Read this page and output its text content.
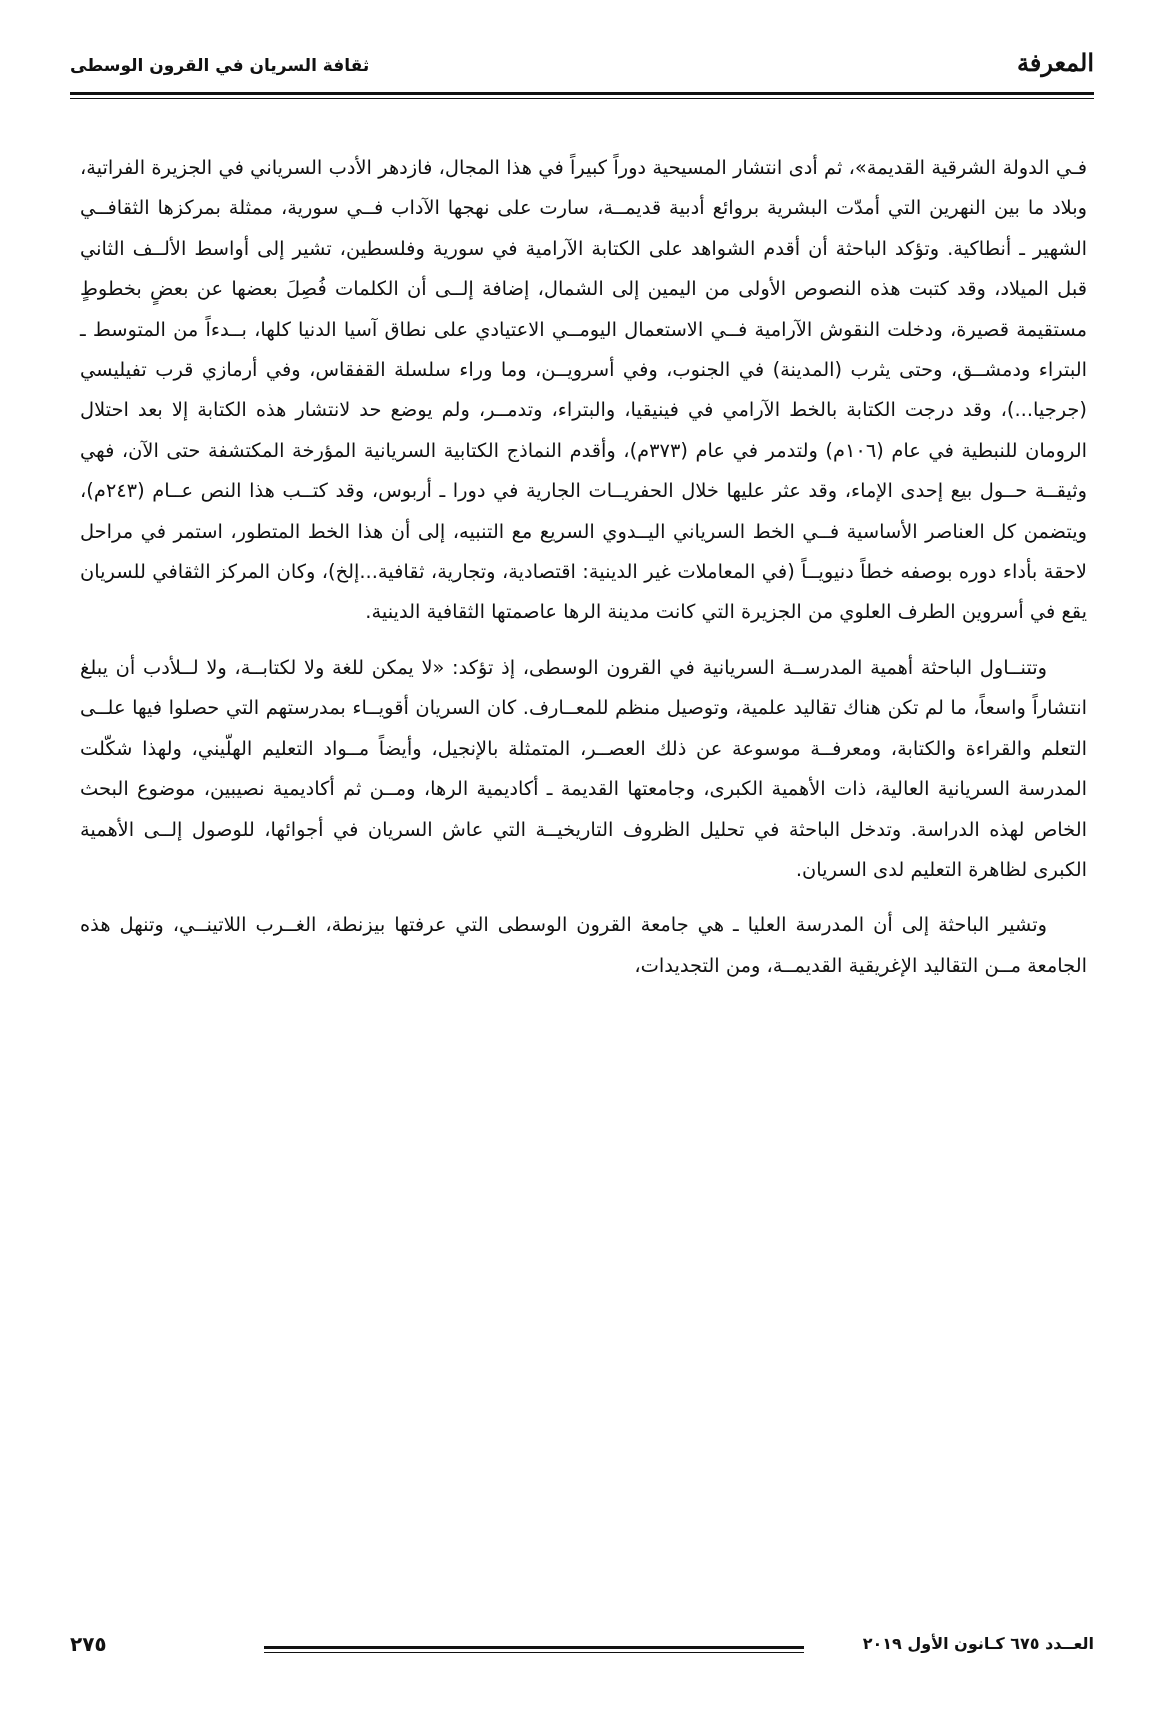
المعرفة
ثقافة السريان في القرون الوسطى

فـي الدولة الشرقية القديمة»، ثم أدى انتشار المسيحية دوراً كبيراً في هذا المجال، فازدهر الأدب السرياني في الجزيرة الفراتية، وبلاد ما بين النهرين التي أمدّت البشرية بروائع أدبية قديمــة، سارت على نهجها الآداب فــي سورية، ممثلة بمركزها الثقافــي الشهير ـ أنطاكية. وتؤكد الباحثة أن أقدم الشواهد على الكتابة الآرامية في سورية وفلسطين، تشير إلى أواسط الألــف الثاني قبل الميلاد، وقد كتبت هذه النصوص الأولى من اليمين إلى الشمال، إضافة إلــى أن الكلمات فُصِلَ بعضها عن بعضٍ بخطوطٍ مستقيمة قصيرة، ودخلت النقوش الآرامية فــي الاستعمال اليومــي الاعتيادي على نطاق آسيا الدنيا كلها، بــدءاً من المتوسط ـ البتراء ودمشــق، وحتى يثرب (المدينة) في الجنوب، وفي أسرويــن، وما وراء سلسلة القفقاس، وفي أرمازي قرب تفيليسي (جرجيا...)، وقد درجت الكتابة بالخط الآرامي في فينيقيا، والبتراء، وتدمــر، ولم يوضع حد لانتشار هذه الكتابة إلا بعد احتلال الرومان للنبطية في عام (١٠٦م) ولتدمر في عام (٣٧٣م)، وأقدم النماذج الكتابية السريانية المؤرخة المكتشفة حتى الآن، فهي وثيقــة حــول بيع إحدى الإماء، وقد عثر عليها خلال الحفريــات الجارية في دورا ـ أربوس، وقد كتــب هذا النص عــام (٢٤٣م)، ويتضمن كل العناصر الأساسية فــي الخط السرياني اليــدوي السريع مع التنبيه، إلى أن هذا الخط المتطور، استمر في مراحل لاحقة بأداء دوره بوصفه خطاً دنيويــاً (في المعاملات غير الدينية: اقتصادية، وتجارية، ثقافية...إلخ)، وكان المركز الثقافي للسريان يقع في أسروين الطرف العلوي من الجزيرة التي كانت مدينة الرها عاصمتها الثقافية الدينية.

وتتنــاول الباحثة أهمية المدرســة السريانية في القرون الوسطى، إذ تؤكد: «لا يمكن للغة ولا لكتابــة، ولا لــلأدب أن يبلغ انتشاراً واسعاً، ما لم تكن هناك تقاليد علمية، وتوصيل منظم للمعــارف. كان السريان أقويــاء بمدرستهم التي حصلوا فيها علــى التعلم والقراءة والكتابة، ومعرفــة موسوعة عن ذلك العصــر، المتمثلة بالإنجيل، وأيضاً مــواد التعليم الهلّيني، ولهذا شكّلت المدرسة السريانية العالية، ذات الأهمية الكبرى، وجامعتها القديمة ـ أكاديمية الرها، ومــن ثم أكاديمية نصيبين، موضوع البحث الخاص لهذه الدراسة. وتدخل الباحثة في تحليل الظروف التاريخيــة التي عاش السريان في أجوائها، للوصول إلــى الأهمية الكبرى لظاهرة التعليم لدى السريان.

وتشير الباحثة إلى أن المدرسة العليا ـ هي جامعة القرون الوسطى التي عرفتها بيزنطة، الغــرب اللاتينــي، وتنهل هذه الجامعة مــن التقاليد الإغريقية القديمــة، ومن التجديدات،

العــدد ٦٧٥ كـانون الأول ٢٠١٩
٢٧٥
